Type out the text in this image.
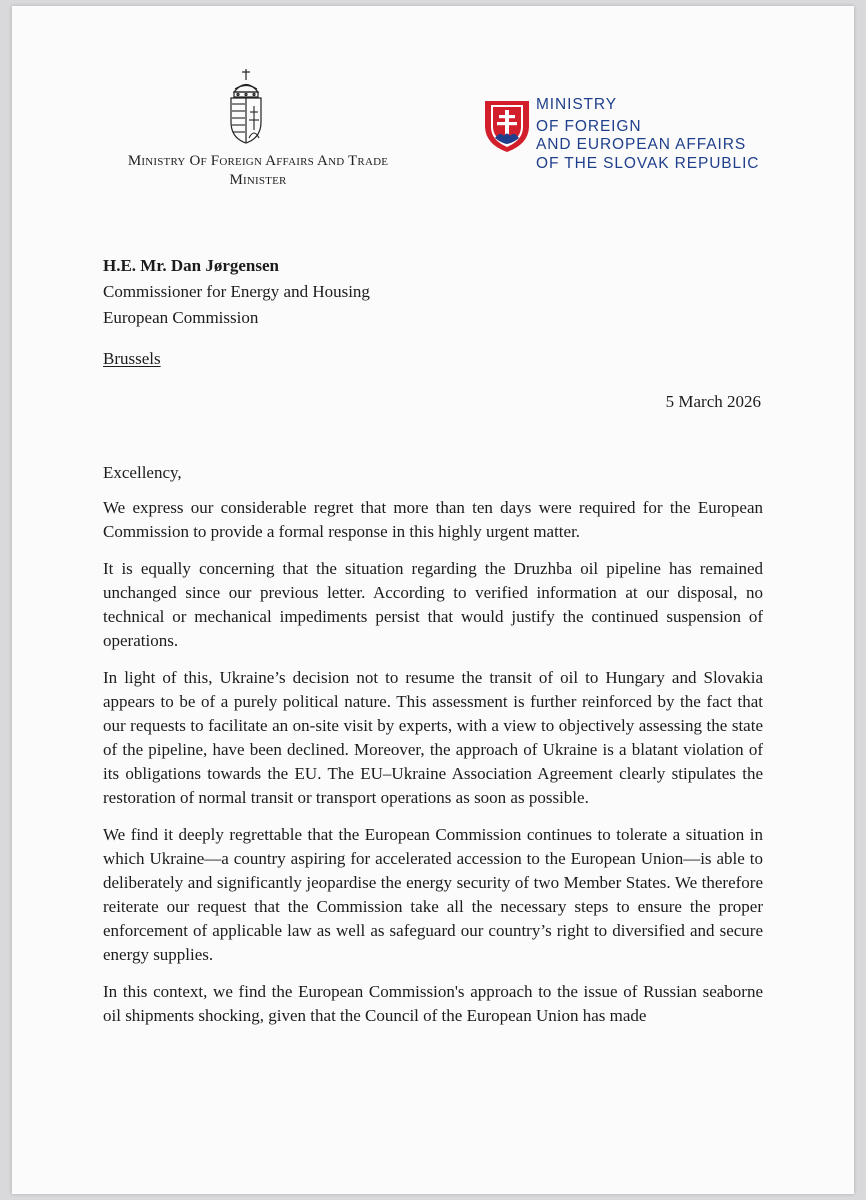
Ministry Of Foreign Affairs And Trade
Minister
MINISTRY
OF FOREIGN
AND EUROPEAN AFFAIRS
OF THE SLOVAK REPUBLIC
H.E. Mr. Dan Jørgensen
Commissioner for Energy and Housing
European Commission
Brussels
5 March 2026
Excellency,

We express our considerable regret that more than ten days were required for the European Commission to provide a formal response in this highly urgent matter.

It is equally concerning that the situation regarding the Druzhba oil pipeline has remained unchanged since our previous letter. According to verified information at our disposal, no technical or mechanical impediments persist that would justify the continued suspension of operations.

In light of this, Ukraine’s decision not to resume the transit of oil to Hungary and Slovakia appears to be of a purely political nature. This assessment is further reinforced by the fact that our requests to facilitate an on-site visit by experts, with a view to objectively assessing the state of the pipeline, have been declined. Moreover, the approach of Ukraine is a blatant violation of its obligations towards the EU. The EU–Ukraine Association Agreement clearly stipulates the restoration of normal transit or transport operations as soon as possible.

We find it deeply regrettable that the European Commission continues to tolerate a situation in which Ukraine—a country aspiring for accelerated accession to the European Union—is able to deliberately and significantly jeopardise the energy security of two Member States. We therefore reiterate our request that the Commission take all the necessary steps to ensure the proper enforcement of applicable law as well as safeguard our country’s right to diversified and secure energy supplies.

In this context, we find the European Commission's approach to the issue of Russian seaborne oil shipments shocking, given that the Council of the European Union has made
